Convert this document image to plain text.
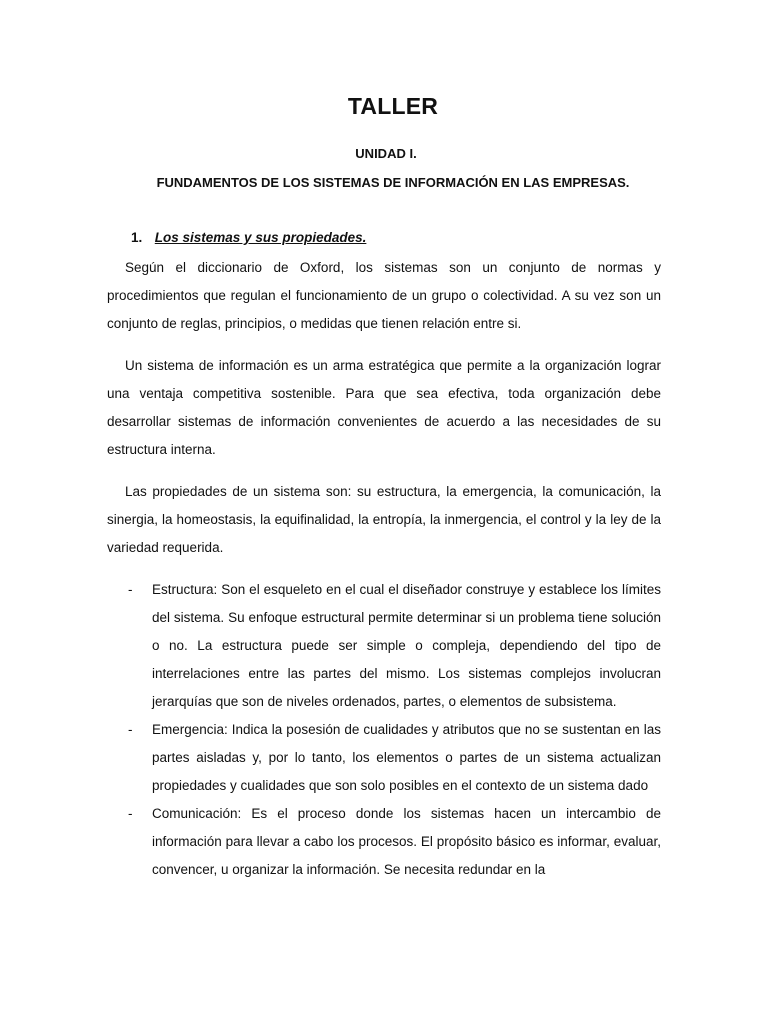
TALLER
UNIDAD I.
FUNDAMENTOS DE LOS SISTEMAS DE INFORMACIÓN EN LAS EMPRESAS.
1. Los sistemas y sus propiedades.

Según el diccionario de Oxford, los sistemas son un conjunto de normas y procedimientos que regulan el funcionamiento de un grupo o colectividad. A su vez son un conjunto de reglas, principios, o medidas que tienen relación entre si.

Un sistema de información es un arma estratégica que permite a la organización lograr una ventaja competitiva sostenible. Para que sea efectiva, toda organización debe desarrollar sistemas de información convenientes de acuerdo a las necesidades de su estructura interna.

Las propiedades de un sistema son: su estructura, la emergencia, la comunicación, la sinergia, la homeostasis, la equifinalidad, la entropía, la inmergencia, el control y la ley de la variedad requerida.

- Estructura: Son el esqueleto en el cual el diseñador construye y establece los límites del sistema. Su enfoque estructural permite determinar si un problema tiene solución o no. La estructura puede ser simple o compleja, dependiendo del tipo de interrelaciones entre las partes del mismo. Los sistemas complejos involucran jerarquías que son de niveles ordenados, partes, o elementos de subsistema.
- Emergencia: Indica la posesión de cualidades y atributos que no se sustentan en las partes aisladas y, por lo tanto, los elementos o partes de un sistema actualizan propiedades y cualidades que son solo posibles en el contexto de un sistema dado
- Comunicación: Es el proceso donde los sistemas hacen un intercambio de información para llevar a cabo los procesos. El propósito básico es informar, evaluar, convencer, u organizar la información. Se necesita redundar en la
